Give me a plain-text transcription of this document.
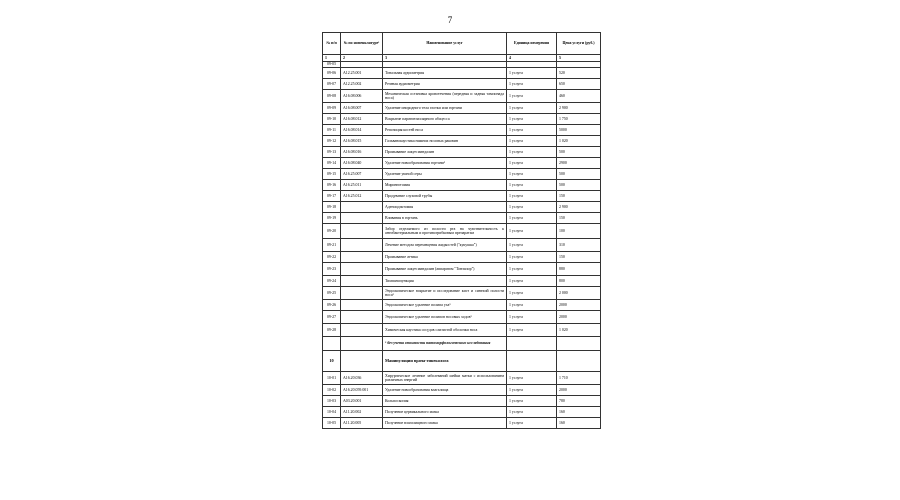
7
№ п/п	№ по номенклатуре¹	Наименование услуг	Единица измерения	Цена услуги (руб.)
1	2	3	4	5
09-05				
09-06	A12.25.001	Тональная аудиометрия	1 услуга	520
09-07	A12.25.002	Речевая аудиометрия	1 услуга	650
09-08	A16.08.006	Механическая остановка кровотечения (передняя и задняя тампонада носа)	1 услуга	460
09-09	A16.08.007	Удаление инородного тела глотки или гортани	1 услуга	2 900
09-10	A16.08.012	Вскрытие паратонзиллярного абсцесса	1 услуга	1 750
09-11	A16.08.014	Репозиция костей носа	1 услуга	5000
09-12	A16.08.015	Гальванокаустика нижних носовых раковин	1 услуга	1 020
09-13	A16.08.016	Промывание лакун миндалин	1 услуга	500
09-14	A16.08.040	Удаление новообразования гортани⁵	1 услуга	2900
09-15	A16.25.007	Удаление ушной серы	1 услуга	500
09-16	A16.25.011	Миринготомия	1 услуга	500
09-17	A16.25.012	Продувание слуховой трубы	1 услуга	150
09-18		Аденоидэктомия	1 услуга	2 900
09-19		Вливания в гортань	1 услуга	150
09-20		Забор отделяемого из полости рта на чувствительность к антибактериальным и противогрибковым препаратам	1 услуга	100
09-21		Лечение методом перемещения жидкостей ("кукушка")	1 услуга	310
09-22		Промывание аттика	1 услуга	150
09-23		Промывание лакун миндалин (аппаратом "Тонзилор")	1 услуга	880
09-24		Тимпанопункция	1 услуга	800
09-25		Эндоскопическое вскрытие и исследование кист и синехий полости носа⁵	1 услуга	2 000
09-26		Эндоскопическое удаление полипа уха⁵	1 услуга	2000
09-27		Эндоскопическое удаление полипов носовых ходов⁵	1 услуга	2000
09-28		Химическая каустика сосудов слизистой оболочки носа	1 услуга	1 020
		⁵ без учета стоимости патоморфологического исследования		
10		Манипуляции врача-гинеколога		
10-01	A16.20.036	Хирургическое лечение заболеваний шейки матки с использованием различных энергий	1 услуга	1 710
10-02	A16.20.059.001	Удаление новообразования влагалища	1 услуга	2000
10-03	A03.20.001	Кольпоскопия	1 услуга	780
10-04	A11.20.002	Получение цервикального мазка	1 услуга	160
10-05	A11.20.005	Получение влагалищного мазка	1 услуга	160
